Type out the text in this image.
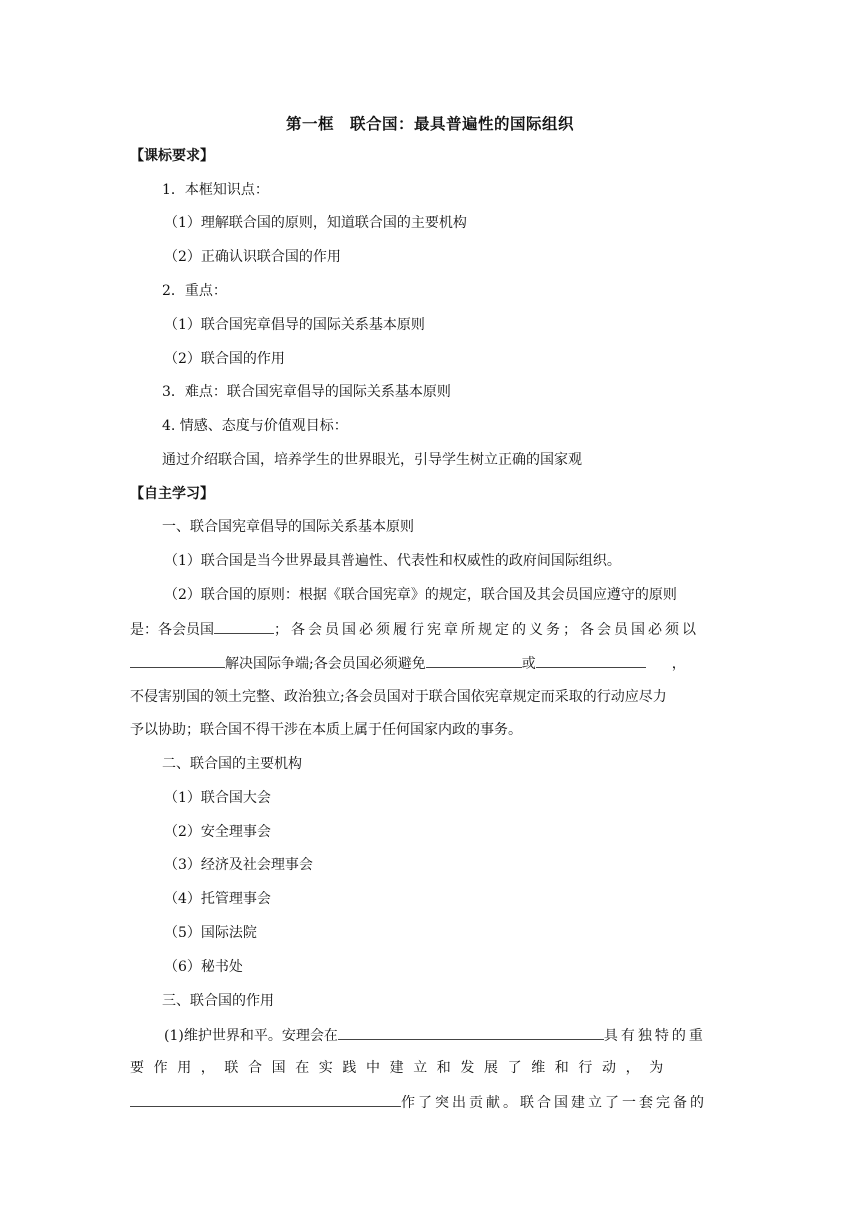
第一框 联合国：最具普遍性的国际组织
【课标要求】
1．本框知识点：
（1）理解联合国的原则，知道联合国的主要机构
（2）正确认识联合国的作用
2．重点：
（1）联合国宪章倡导的国际关系基本原则
（2）联合国的作用
3．难点：联合国宪章倡导的国际关系基本原则
4. 情感、态度与价值观目标：
通过介绍联合国，培养学生的世界眼光，引导学生树立正确的国家观
【自主学习】
一、联合国宪章倡导的国际关系基本原则
（1）联合国是当今世界最具普遍性、代表性和权威性的政府间国际组织。
（2）联合国的原则：根据《联合国宪章》的规定，联合国及其会员国应遵守的原则
是：各会员国	；各会员国必须履行宪章所规定的义务；各会员国必须以
解决国际争端;各会员国必须避免	或	，
不侵害别国的领土完整、政治独立;各会员国对于联合国依宪章规定而采取的行动应尽力
予以协助；联合国不得干涉在本质上属于任何国家内政的事务。
二、联合国的主要机构
（1）联合国大会
（2）安全理事会
（3）经济及社会理事会
（4）托管理事会
（5）国际法院
（6）秘书处
三、联合国的作用
(1)维护世界和平。安理会在	具有独特的重
要作用，联合国在实践中建立和发展了维和行动，为
作了突出贡献。联合国建立了一套完备的
